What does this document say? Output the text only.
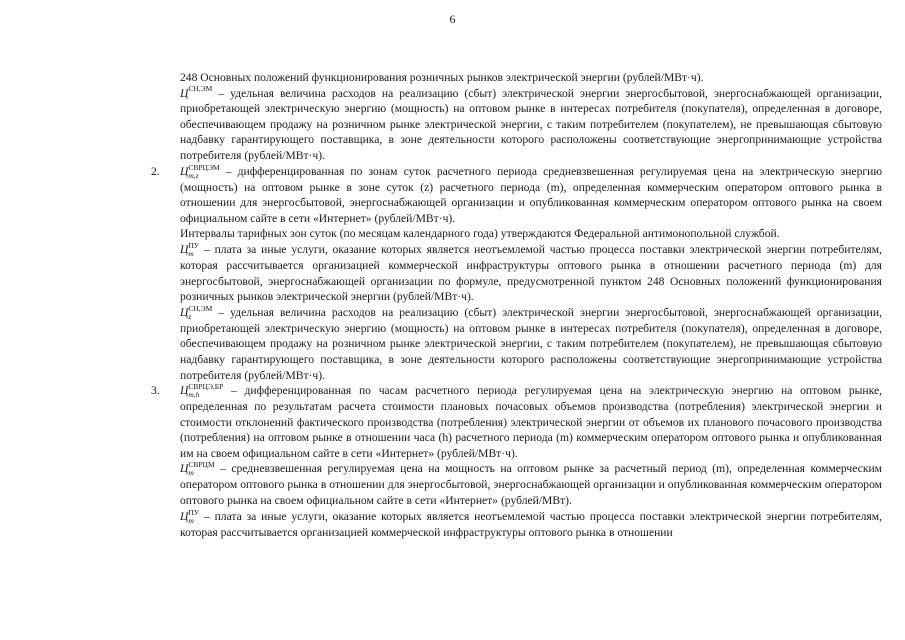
6

248 Основных положений функционирования розничных рынков электрической энергии (рублей/МВт·ч).

$Ц^{СН,ЭМ}$ – удельная величина расходов на реализацию (сбыт) электрической энергии энергосбытовой, энергоснабжающей организации, приобретающей электрическую энергию (мощность) на оптовом рынке в интересах потребителя (покупателя), определенная в договоре, обеспечивающем продажу на розничном рынке электрической энергии, с таким потребителем (покупателем), не превышающая сбытовую надбавку гарантирующего поставщика, в зоне деятельности которого расположены соответствующие энергопринимающие устройства потребителя (рублей/МВт·ч).

2. Ц СВРЦЭМ
m,z	– дифференцированная по зонам суток расчетного периода средневзвешенная регулируемая цена на электрическую энергию (мощность) на оптовом рынке в зоне суток (z) расчетного периода (m), определенная коммерческим оператором оптового рынка в отношении для энергосбытовой, энергоснабжающей организации и опубликованная коммерческим оператором оптового рынка на своем официальном сайте в сети «Интернет» (рублей/МВт·ч).

Интервалы тарифных зон суток (по месяцам календарного года) утверждаются Федеральной антимонопольной службой.

Ц ПУ
m – плата за иные услуги, оказание которых является неотъемлемой частью процесса поставки электрической энергии потребителям, которая рассчитывается организацией коммерческой инфраструктуры оптового рынка в отношении расчетного периода (m) для энергосбытовой, энергоснабжающей организации по формуле, предусмотренной пунктом 248 Основных положений функционирования розничных рынков электрической энергии (рублей/МВт·ч).

Ц СН,ЭМ
z	– удельная величина расходов на реализацию (сбыт) электрической энергии энергосбытовой, энергоснабжающей организации, приобретающей электрическую энергию (мощность) на оптовом рынке в интересах потребителя (покупателя), определенная в договоре, обеспечивающем продажу на розничном рынке электрической энергии, с таким потребителем (покупателем), не превышающая сбытовую надбавку гарантирующего поставщика, в зоне деятельности которого расположены соответствующие энергопринимающие устройства потребителя (рублей/МВт·ч).

3. Ц СВРЦЭ,БР
m,h	– дифференцированная по часам расчетного периода регулируемая цена на электрическую энергию на оптовом рынке, определенная по результатам расчета стоимости плановых почасовых объемов производства (потребления) электрической энергии и стоимости отклонений фактического производства (потребления) электрической энергии от объемов их планового почасового производства (потребления) на оптовом рынке в отношении часа (h) расчетного периода (m) коммерческим оператором оптового рынка и опубликованная им на своем официальном сайте в сети «Интернет» (рублей/МВт·ч).

Ц СВРЦМ
m	– средневзвешенная регулируемая цена на мощность на оптовом рынке за расчетный период (m), определенная коммерческим оператором оптового рынка в отношении для энергосбытовой, энергоснабжающей организации и опубликованная коммерческим оператором оптового рынка на своем официальном сайте в сети «Интернет» (рублей/МВт).

Ц ПУ
m – плата за иные услуги, оказание которых является неотъемлемой частью процесса поставки электрической энергии потребителям, которая рассчитывается организацией коммерческой инфраструктуры оптового рынка в отношении
